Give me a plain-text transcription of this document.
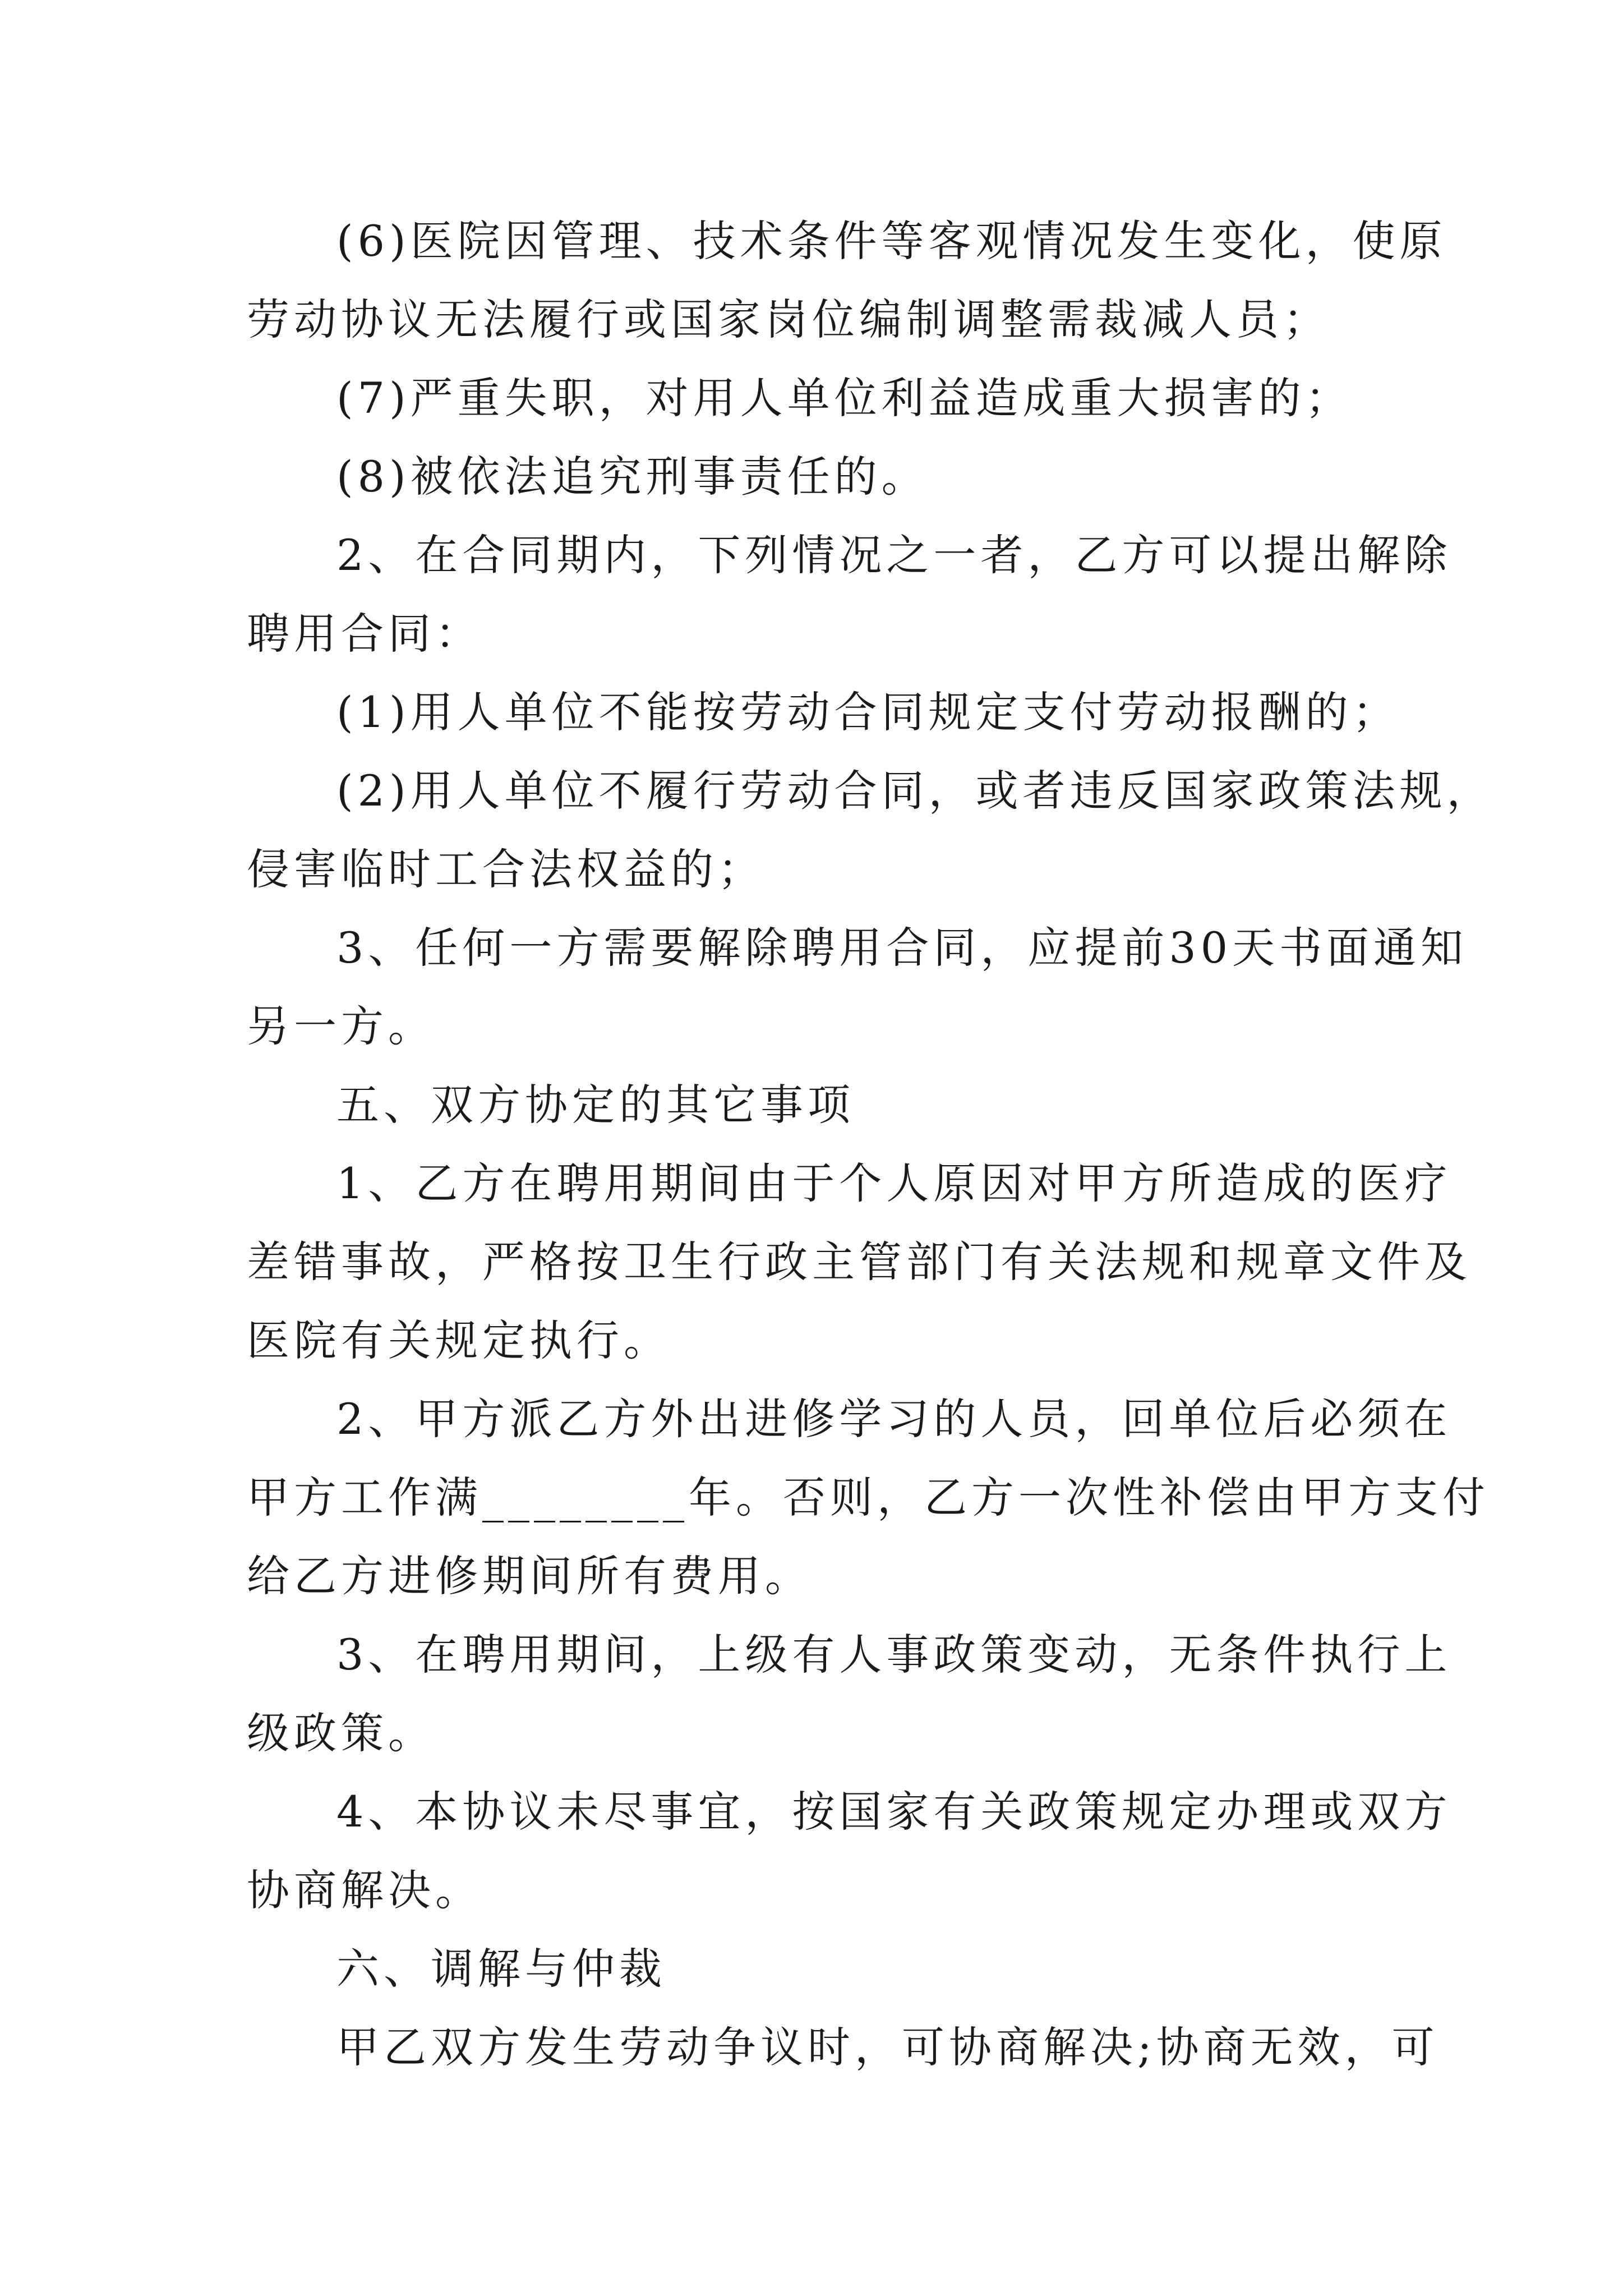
(6)医院因管理、技术条件等客观情况发生变化，使原
劳动协议无法履行或国家岗位编制调整需裁减人员；
(7)严重失职，对用人单位利益造成重大损害的；
(8)被依法追究刑事责任的。
2、在合同期内，下列情况之一者，乙方可以提出解除
聘用合同：
(1)用人单位不能按劳动合同规定支付劳动报酬的；
(2)用人单位不履行劳动合同，或者违反国家政策法规，
侵害临时工合法权益的；
3、任何一方需要解除聘用合同，应提前30天书面通知
另一方。
五、双方协定的其它事项
1、乙方在聘用期间由于个人原因对甲方所造成的医疗
差错事故，严格按卫生行政主管部门有关法规和规章文件及
医院有关规定执行。
2、甲方派乙方外出进修学习的人员，回单位后必须在
甲方工作满________年。否则，乙方一次性补偿由甲方支付
给乙方进修期间所有费用。
3、在聘用期间，上级有人事政策变动，无条件执行上
级政策。
4、本协议未尽事宜，按国家有关政策规定办理或双方
协商解决。
六、调解与仲裁
甲乙双方发生劳动争议时，可协商解决;协商无效，可
